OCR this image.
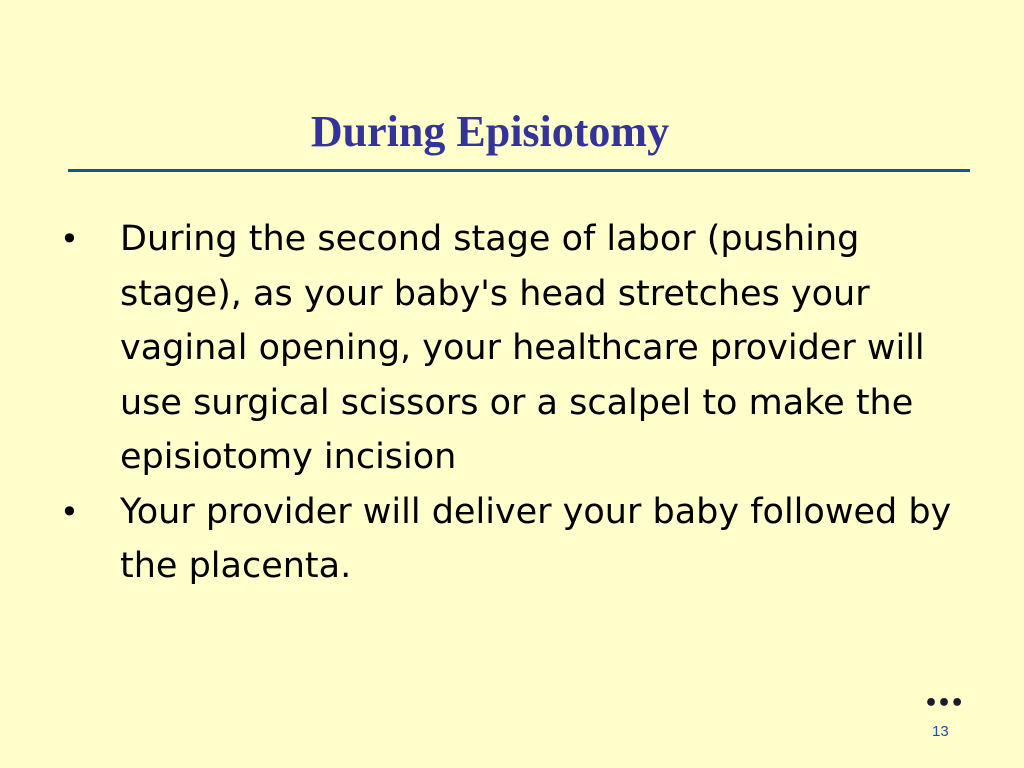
During Episiotomy
• During the second stage of labor (pushing stage), as your baby's head stretches your vaginal opening, your healthcare provider will use surgical scissors or a scalpel to make the episiotomy incision
• Your provider will deliver your baby followed by the placenta.
•••
13
